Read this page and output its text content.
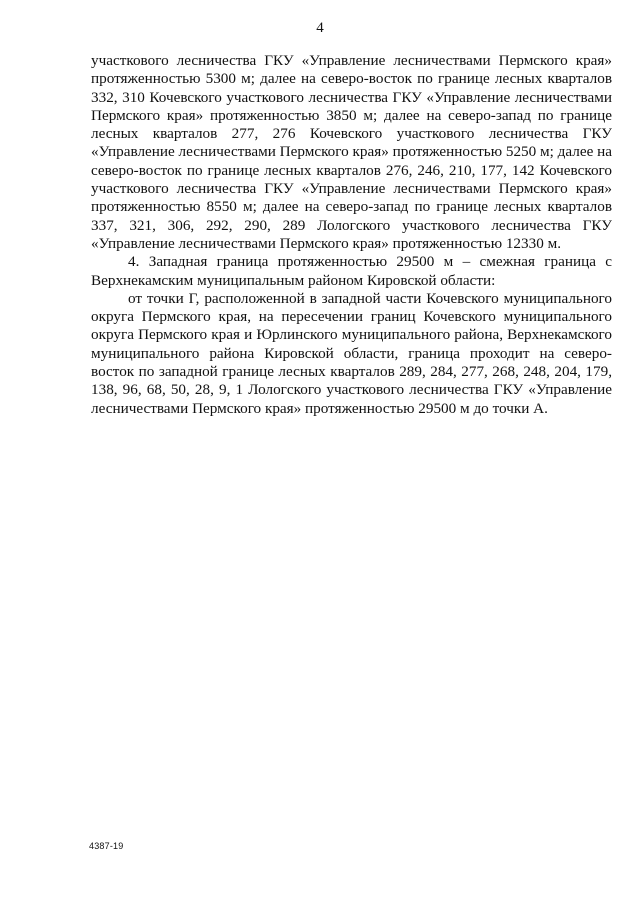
4

участкового лесничества ГКУ «Управление лесничествами Пермского края» протяженностью 5300 м; далее на северо-восток по границе лесных кварталов 332, 310 Кочевского участкового лесничества ГКУ «Управление лесничествами Пермского края» протяженностью 3850 м; далее на северо-запад по границе лесных кварталов 277, 276 Кочевского участкового лесничества ГКУ «Управление лесничествами Пермского края» протяженностью 5250 м; далее на северо-восток по границе лесных кварталов 276, 246, 210, 177, 142 Кочевского участкового лесничества ГКУ «Управление лесничествами Пермского края» протяженностью 8550 м; далее на северо-запад по границе лесных кварталов 337, 321, 306, 292, 290, 289 Лологского участкового лесничества ГКУ «Управление лесничествами Пермского края» протяженностью 12330 м.

4. Западная граница протяженностью 29500 м – смежная граница с Верхнекамским муниципальным районом Кировской области:

от точки Г, расположенной в западной части Кочевского муниципального округа Пермского края, на пересечении границ Кочевского муниципального округа Пермского края и Юрлинского муниципального района, Верхнекамского муниципального района Кировской области, граница проходит на северо-восток по западной границе лесных кварталов 289, 284, 277, 268, 248, 204, 179, 138, 96, 68, 50, 28, 9, 1 Лологского участкового лесничества ГКУ «Управление лесничествами Пермского края» протяженностью 29500 м до точки А.

4387-19
